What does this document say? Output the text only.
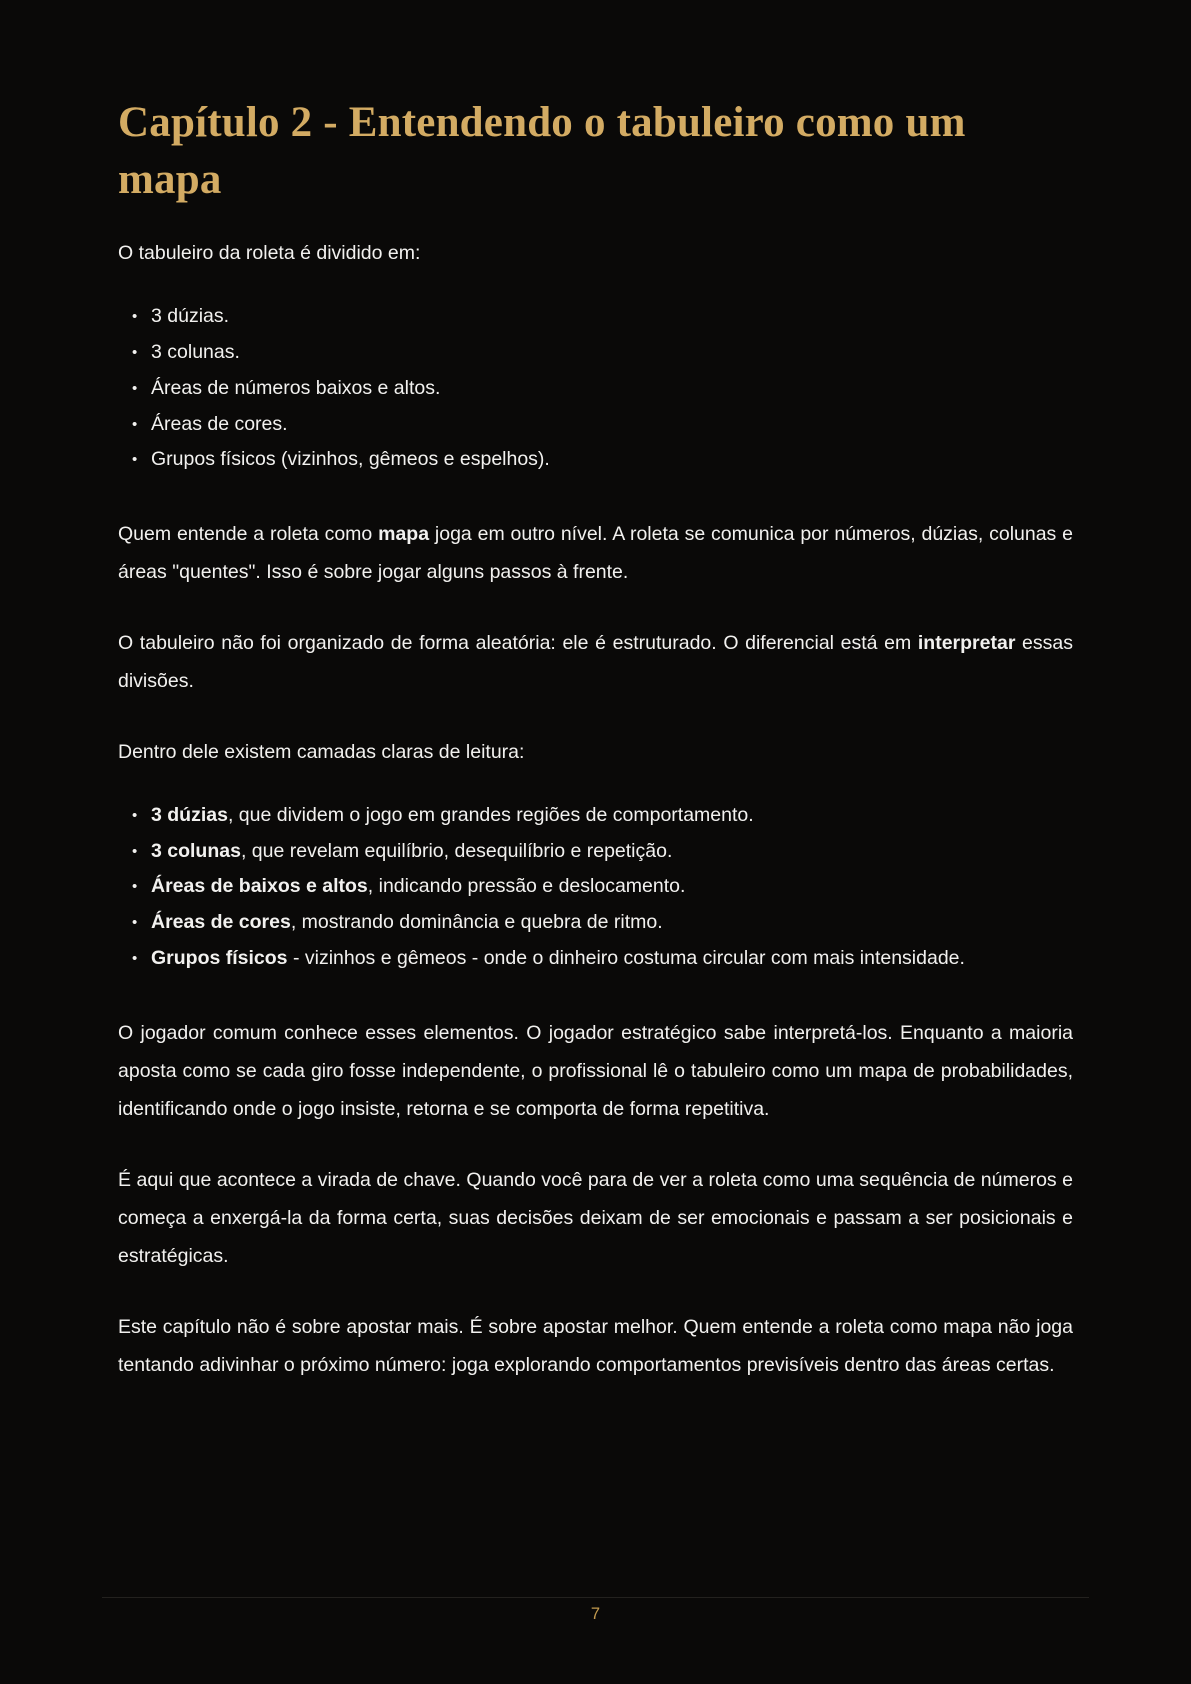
Capítulo 2 - Entendendo o tabuleiro como um mapa

O tabuleiro da roleta é dividido em:

• 3 dúzias.
• 3 colunas.
• Áreas de números baixos e altos.
• Áreas de cores.
• Grupos físicos (vizinhos, gêmeos e espelhos).

Quem entende a roleta como mapa joga em outro nível. A roleta se comunica por números, dúzias, colunas e áreas "quentes". Isso é sobre jogar alguns passos à frente.

O tabuleiro não foi organizado de forma aleatória: ele é estruturado. O diferencial está em interpretar essas divisões.

Dentro dele existem camadas claras de leitura:

• 3 dúzias, que dividem o jogo em grandes regiões de comportamento.
• 3 colunas, que revelam equilíbrio, desequilíbrio e repetição.
• Áreas de baixos e altos, indicando pressão e deslocamento.
• Áreas de cores, mostrando dominância e quebra de ritmo.
• Grupos físicos - vizinhos e gêmeos - onde o dinheiro costuma circular com mais intensidade.

O jogador comum conhece esses elementos. O jogador estratégico sabe interpretá-los. Enquanto a maioria aposta como se cada giro fosse independente, o profissional lê o tabuleiro como um mapa de probabilidades, identificando onde o jogo insiste, retorna e se comporta de forma repetitiva.

É aqui que acontece a virada de chave. Quando você para de ver a roleta como uma sequência de números e começa a enxergá-la da forma certa, suas decisões deixam de ser emocionais e passam a ser posicionais e estratégicas.

Este capítulo não é sobre apostar mais. É sobre apostar melhor. Quem entende a roleta como mapa não joga tentando adivinhar o próximo número: joga explorando comportamentos previsíveis dentro das áreas certas.

7
